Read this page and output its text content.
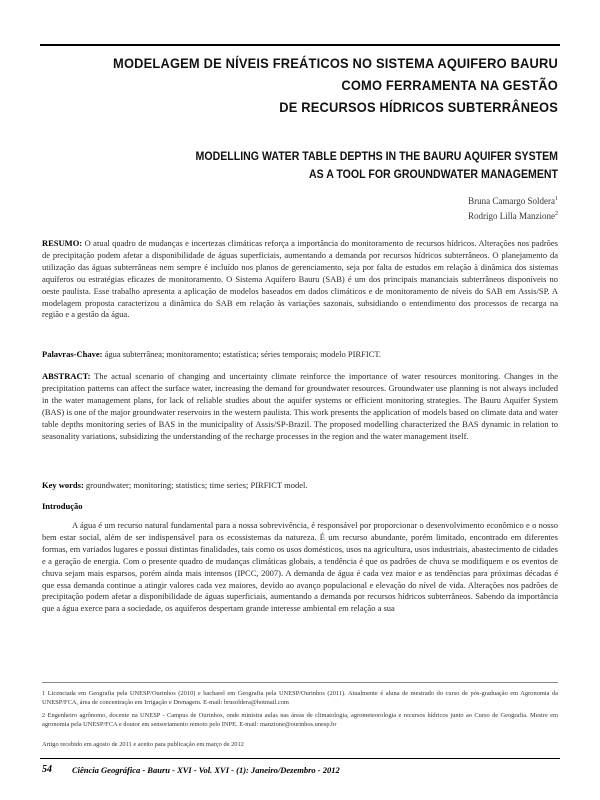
MODELAGEM DE NÍVEIS FREÁTICOS NO SISTEMA AQUIFERO BAURU
COMO FERRAMENTA NA GESTÃO
DE RECURSOS HÍDRICOS SUBTERRÂNEOS
MODELLING WATER TABLE DEPTHS IN THE BAURU AQUIFER SYSTEM
AS A TOOL FOR GROUNDWATER MANAGEMENT
Bruna Camargo Soldera$^1$
Rodrigo Lilla Manzione$^2$
RESUMO: O atual quadro de mudanças e incertezas climáticas reforça a importância do monitoramento de recursos hídricos. Alterações nos padrões de precipitação podem afetar a disponibilidade de águas superficiais, aumentando a demanda por recursos hídricos subterrâneos. O planejamento da utilização das águas subterrâneas nem sempre é incluído nos planos de gerenciamento, seja por falta de estudos em relação à dinâmica dos sistemas aquíferos ou estratégias eficazes de monitoramento. O Sistema Aquífero Bauru (SAB) é um dos principais mananciais subterrâneos disponíveis no oeste paulista. Esse trabalho apresenta a aplicação de modelos baseados em dados climáticos e de monitoramento de níveis do SAB em Assis/SP. A modelagem proposta caracterizou a dinâmica do SAB em relação às variações sazonais, subsidiando o entendimento dos processos de recarga na região e a gestão da água.
Palavras-Chave: água subterrânea; monitoramento; estatística; séries temporais; modelo PIRFICT.
ABSTRACT: The actual scenario of changing and uncertainty climate reinforce the importance of water resources monitoring. Changes in the precipitation patterns can affect the surface water, increasing the demand for groundwater resources. Groundwater use planning is not always included in the water management plans, for lack of reliable studies about the aquifer systems or efficient monitoring strategies. The Bauru Aquifer System (BAS) is one of the major groundwater reservoirs in the western paulista. This work presents the application of models based on climate data and water table depths monitoring series of BAS in the municipality of Assis/SP-Brazil. The proposed modelling characterized the BAS dynamic in relation to seasonality variations, subsidizing the understanding of the recharge processes in the region and the water management itself.
Key words: groundwater; monitoring; statistics; time series; PIRFICT model.
Introdução
A água é um recurso natural fundamental para a nossa sobrevivência, é responsável por proporcionar o desenvolvimento econômico e o nosso bem estar social, além de ser indispensável para os ecossistemas da natureza. É um recurso abundante, porém limitado, encontrado em diferentes formas, em variados lugares e possui distintas finalidades, tais como os usos domésticos, usos na agricultura, usos industriais, abastecimento de cidades e a geração de energia. Com o presente quadro de mudanças climáticas globais, a tendência é que os padrões de chuva se modifiquem e os eventos de chuva sejam mais esparsos, porém ainda mais intensos (IPCC, 2007). A demanda de água é cada vez maior e as tendências para próximas décadas é que essa demanda continue a atingir valores cada vez maiores, devido ao avanço populacional e elevação do nível de vida. Alterações nos padrões de precipitação podem afetar a disponibilidade de águas superficiais, aumentando a demanda por recursos hídricos subterrâneos. Sabendo da importância que a água exerce para a sociedade, os aquíferos despertam grande interesse ambiental em relação a sua
1 Licenciada em Geografia pela UNESP/Ourinhos (2010) e bacharel em Geografia pela UNESP/Ourinhos (2011). Atualmente é aluna de mestrado do curso de pós-graduação em Agronomia da UNESP/FCA, área de concentração em Irrigação e Drenagem. E-mail: brusoldera@hotmail.com
2 Engenheiro agrônomo, docente na UNESP - Campus de Ourinhos, onde ministra aulas nas áreas de climatologia, agrometeorologia e recursos hídricos junto ao Curso de Geografia. Mestre em agronomia pela UNESP/FCA e doutor em sensoriamento remoto pelo INPE. E-mail: manzione@ourinhos.unesp.br
Artigo recebido em agosto de 2011 e aceito para publicação em março de 2012
54 Ciência Geográfica - Bauru - XVI - Vol. XVI - (1): Janeiro/Dezembro - 2012
